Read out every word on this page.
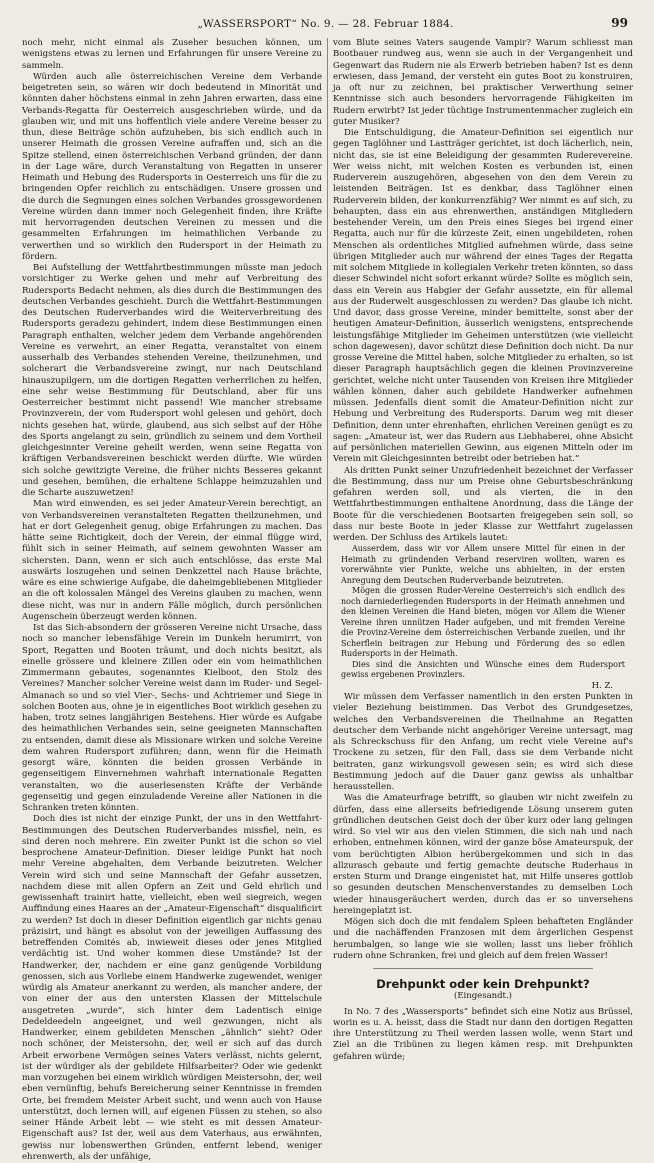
„WASSERSPORT“ No. 9. — 28. Februar 1884.	99

noch mehr, nicht einmal als Zuseher besuchen können, um wenigstens etwas zu lernen und Erfahrungen für unsere Vereine zu sammeln.

Würden auch alle österreichischen Vereine dem Verbande beigetreten sein, so wären wir doch bedeutend in Minorität und könnten daher höchstens einmal in zehn Jahren erwarten, dass eine Verbands-Regatta für Oesterreich ausgeschrieben würde, und da glauben wir, und mit uns hoffentlich viele andere Vereine besser zu thun, diese Beiträge schön aufzuheben, bis sich endlich auch in unserer Heimath die grossen Vereine aufraffen und, sich an die Spitze stellend, einen österreichischen Verband gründen, der dann in der Lage wäre, durch Veranstaltung von Regatten in unserer Heimath und Hebung des Rudersports in Oesterreich uns für die zu bringenden Opfer reichlich zu entschädigen. Unsere grossen und die durch die Segnungen eines solchen Verbandes grossgewordenen Vereine würden dann immer noch Gelegenheit finden, ihre Kräfte mit hervorragenden deutschen Vereinen zu messen und die gesammelten Erfahrungen im heimathlichen Verbande zu verwerthen und so wirklich den Rudersport in der Heimath zu fördern.

Bei Aufstellung der Wettfahrtbestimmungen müsste man jedoch vorsichtiger zu Werke gehen und mehr auf Verbreitung des Rudersports Bedacht nehmen, als dies durch die Bestimmungen des deutschen Verbandes geschieht. Durch die Wettfahrt-Bestimmungen des Deutschen Ruderverbandes wird die Weiterverbreitung des Rudersports geradezu gehindert, indem diese Bestimmungen einen Paragraph enthalten, welcher jedem dem Verbande angehörenden Vereine es verwehrt, an einer Regatta, veranstaltet von einem ausserhalb des Verbandes stehenden Vereine, theilzunehmen, und solcherart die Verbandsvereine zwingt, nur nach Deutschland hinauszupilgern, um die dortigen Regatten verherrlichen zu helfen, eine sehr weise Bestimmung für Deutschland, aber für uns Oesterreicher bestimmt nicht passend! Wie mancher strebsame Provinzverein, der vom Rudersport wohl gelesen und gehört, doch nichts gesehen hat, würde, glaubend, aus sich selbst auf der Höhe des Sports angelangt zu sein, gründlich zu seinem und dem Vortheil gleichgesinnter Vereine geheilt werden, wenn seine Regatta von kräftigen Verbandsvereinen beschickt werden dürfte. Wie würden sich solche gewitzigte Vereine, die früher nichts Besseres gekannt und gesehen, bemühen, die erhaltene Schlappe heimzuzahlen und die Scharte auszuwetzen!

Man wird einwenden, es sei jeder Amateur-Verein berechtigt, an von Verbandsvereinen veranstalteten Regatten theilzunehmen, und hat er dort Gelegenheit genug, obige Erfahrungen zu machen. Das hätte seine Richtigkeit, doch der Verein, der einmal flügge wird, fühlt sich in seiner Heimath, auf seinem gewohnten Wasser am sichersten. Dann, wenn er sich auch entschlösse, das erste Mal auswärts loszugehen und seinen Denkzettel nach Hause brächte, wäre es eine schwierige Aufgabe, die daheimgebliebenen Mitglieder an die oft kolossalen Mängel des Vereins glauben zu machen, wenn diese nicht, was nur in andern Fälle möglich, durch persönlichen Augenschein überzeugt werden können.

Ist das Sich-absondern der grösseren Vereine nicht Ursache, dass noch so mancher lebensfähige Verein im Dunkeln herumirrt, von Sport, Regatten und Booten träumt, und doch nichts besitzt, als einelle grössere und kleinere Zillen oder ein vom heimathlichen Zimmermann gebautes, sogenanntes Kielboot, den Stolz des Vereines? Mancher solcher Vereine weist dann im Ruder- und Segel-Almanach so und so viel Vier-, Sechs- und Achtriemer und Siege in solchen Booten aus, ohne je in eigentliches Boot wirklich gesehen zu haben, trotz seines langjährigen Bestehens. Hier würde es Aufgabe des heimathlichen Verbandes sein, seine geeigneten Mannschaften zu entsenden, damit diese als Missionare wirken und solche Vereine dem wahren Rudersport zuführen; dann, wenn für die Heimath gesorgt wäre, könnten die beiden grossen Verbände in gegenseitigem Einvernehmen wahrhaft internationale Regatten veranstalten, wo die auserlesensten Kräfte der Verbände gegenseitig und gegen einzuladende Vereine aller Nationen in die Schranken treten könnten.

Doch dies ist nicht der einzige Punkt, der uns in den Wettfahrt-Bestimmungen des Deutschen Ruderverbandes missfiel, nein, es sind deren noch mehrere. Ein zweiter Punkt ist die schon so viel besprochene Amateur-Definition. Dieser leidige Punkt hat noch mehr Vereine abgehalten, dem Verbande beizutreten. Welcher Verein wird sich und seine Mannschaft der Gefahr aussetzen, nachdem diese mit allen Opfern an Zeit und Geld ehrlich und gewissenhaft trainirt hatte, vielleicht, eben weil siegreich, wegen Auffindung eines Haares an der „Amateur-Eigenschaft“ disqualificirt zu werden? Ist doch in dieser Definition eigentlich gar nichts genau präzisirt, und hängt es absolut von der jeweiligen Auffassung des betreffenden Comités ab, inwieweit dieses oder jenes Mitglied verdächtig ist. Und woher kommen diese Umstände? Ist der Handwerker, der, nachdem er eine ganz genügende Vorbildung genossen, sich aus Vorliebe einem Handwerke zugewendet, weniger würdig als Amateur anerkannt zu werden, als mancher andere, der von einer der aus den untersten Klassen der Mittelschule ausgetreten „wurde“, sich hinter dem Ladentisch einige Dedeldeedeln angeeignet, und weil gezwungen, nicht als Handwerker, einem gebildeten Menschen „ähnlich“ sieht? Oder noch schöner, der Meistersohn, der, weil er sich auf das durch Arbeit erworbene Vermögen seines Vaters verlässt, nichts gelernt, ist der würdiger als der gebildete Hilfsarbeiter? Oder wie gedenkt man vorzugehen bei einem wirklich würdigen Meistersohn, der, weil eben vernünftig, behufs Bereicherung seiner Kenntnisse in fremden Orte, bei fremdem Meister Arbeit sucht, und wenn auch von Hause unterstützt, doch lernen will, auf eigenen Füssen zu stehen, so also seiner Hände Arbeit lebt — wie steht es mit dessen Amateur-Eigenschaft aus? Ist der, weil aus dem Vaterhaus, aus erwähnten, gewiss nur lobenswerthen Gründen, entfernt lebend, weniger ehrenwerth, als der unfähige,

vom Blute seines Vaters saugende Vampir? Warum schliesst man Bootbauer rundweg aus, wenn sie auch in der Vergangenheit und Gegenwart das Rudern nie als Erwerb betrieben haben? Ist es denn erwiesen, dass Jemand, der versteht ein gutes Boot zu konstruiren, ja oft nur zu zeichnen, bei praktischer Verwerthung seiner Kenntnisse sich auch besonders hervorragende Fähigkeiten im Rudern erwirbt? Ist jeder tüchtige Instrumentenmacher zugleich ein guter Musiker?

Die Entschuldigung, die Amateur-Definition sei eigentlich nur gegen Taglöhner und Lastträger gerichtet, ist doch lächerlich, nein, nicht das, sie ist eine Beleidigung der gesammten Ruderevereine. Wer weiss nicht, mit welchen Kosten es verbunden ist, einen Ruderverein auszugehören, abgesehen von den dem Verein zu leistenden Beiträgen. Ist es denkbar, dass Taglöhner einen Ruderverein bilden, der konkurrenzfähig? Wer nimmt es auf sich, zu behaupten, dass ein aus ehrenwerthen, anständigen Mitgliedern bestehender Verein, um den Preis eines Sieges bei irgend einer Regatta, auch nur für die kürzeste Zeit, einen ungebildeten, rohen Menschen als ordentliches Mitglied aufnehmen würde, dass seine übrigen Mitglieder auch nur während der eines Tages der Regatta mit solchem Mitgliede in kollegialen Verkehr treten könnten, so dass dieser Schwindel nicht sofort erkannt würde? Sollte es möglich sein, dass ein Verein aus Habgier der Gefahr aussetzte, ein für allemal aus der Ruderwelt ausgeschlossen zu werden? Das glaube ich nicht. Und davor, dass grosse Vereine, minder bemittelte, sonst aber der heutigen Amateur-Definition, äusserlich wenigstens, entsprechende leistungsfähige Mitglieder im Geheimen unterstützen (wie vielleicht schon dagewesen), davor schützt diese Definition doch nicht. Da nur grosse Vereine die Mittel haben, solche Mitglieder zu erhalten, so ist dieser Paragraph hauptsächlich gegen die kleinen Provinzvereine gerichtet, welche nicht unter Tausenden von Kreisen ihre Mitglieder wählen können, daher auch gebildete Handwerker aufnehmen müssen. Jedenfalls dient somit die Amateur-Definition nicht zur Hebung und Verbreitung des Rudersports. Darum weg mit dieser Definition, denn unter ehrenhaften, ehrlichen Vereinen genügt es zu sagen: „Amateur ist, wer das Rudern aus Liebhaberei, ohne Absicht auf persönlichen materiellen Gewinn, aus eigenen Mitteln oder im Verein mit Gleichgesinnten betreibt oder betrieben hat.“

Als dritten Punkt seiner Unzufriedenheit bezeichnet der Verfasser die Bestimmung, dass nur um Preise ohne Geburtsbeschränkung gefahren werden soll, und als vierten, die in den Wettfahrtbestimmungen enthaltene Anordnung, dass die Länge der Boote für die verschiedenen Bootsarten freigegeben sein soll, so dass nur beste Boote in jeder Klasse zur Wettfahrt zugelassen werden. Der Schluss des Artikels lautet:

Ausserdem, dass wir vor Allem unsere Mittel für einen in der Heimath zu gründenden Verband reserviren wollten, waren es vorerwähnte vier Punkte, welche uns abhielten, in der ersten Anregung dem Deutschen Ruderverbande beizutreten.

Mögen die grossen Ruder-Vereine Oesterreich's sich endlich des noch darniederliegenden Rudersports in der Heimath annehmen und den kleinen Vereinen die Hand bieten, mögen vor Allem die Wiener Vereine ihren unnützen Hader aufgeben, und mit fremden Vereine die Provinz-Vereine dem österreichischen Verbande zueilen, und ihr Scherflein beitragen zur Hebung und Förderung des so edlen Rudersports in der Heimath.

Dies sind die Ansichten und Wünsche eines dem Rudersport gewiss ergebenen Provinzlers.

H. Z.

Wir müssen dem Verfasser namentlich in den ersten Punkten in vieler Beziehung beistimmen. Das Verbot des Grundgesetzes, welches den Verbandsvereinen die Theilnahme an Regatten deutscher dem Verbande nicht angehöriger Vereine untersagt, mag als Schreckschuss für den Anfang, um recht viele Vereine auf's Trockene zu setzen, für den Fall, dass sie dem Verbande nicht beitraten, ganz wirkungsvoll gewesen sein; es wird sich diese Bestimmung jedoch auf die Dauer ganz gewiss als unhaltbar herausstellen.

Was die Amateurfrage betrifft, so glauben wir nicht zweifeln zu dürfen, dass eine allerseits befriedigende Lösung unserem guten gründlichen deutschen Geist doch der über kurz oder lang gelingen wird. So viel wir aus den vielen Stimmen, die sich nah und nach erhoben, entnehmen können, wird der ganze böse Amateurspuk, der vom berüchtigten Albion herübergekommen und sich in das allzurasch gebaute und fertig gemachte deutsche Ruderhaus in ersten Sturm und Drange eingenistet hat, mit Hilfe unseres gottlob so gesunden deutschen Menschenverstandes zu demselben Loch wieder hinausgeräuchert werden, durch das er so unversehens hereingeplatzt ist.

Mögen sich doch die mit fendalem Spleen behafteten Engländer und die nachäffenden Franzosen mit dem ärgerlichen Gespenst herumbalgen, so lange wie sie wollen; lasst uns lieber fröhlich rudern ohne Schranken, frei und gleich auf dem freien Wasser!

Drehpunkt oder kein Drehpunkt?
(Eingesandt.)

In No. 7 des „Wassersports“ befindet sich eine Notiz aus Brüssel, worin es u. A. heisst, dass die Stadt nur dann den dortigen Regatten ihre Unterstützung zu Theil werden lassen wolle, wenn Start und Ziel an die Tribünen zu liegen kämen resp. mit Drehpunkten gefahren würde;
